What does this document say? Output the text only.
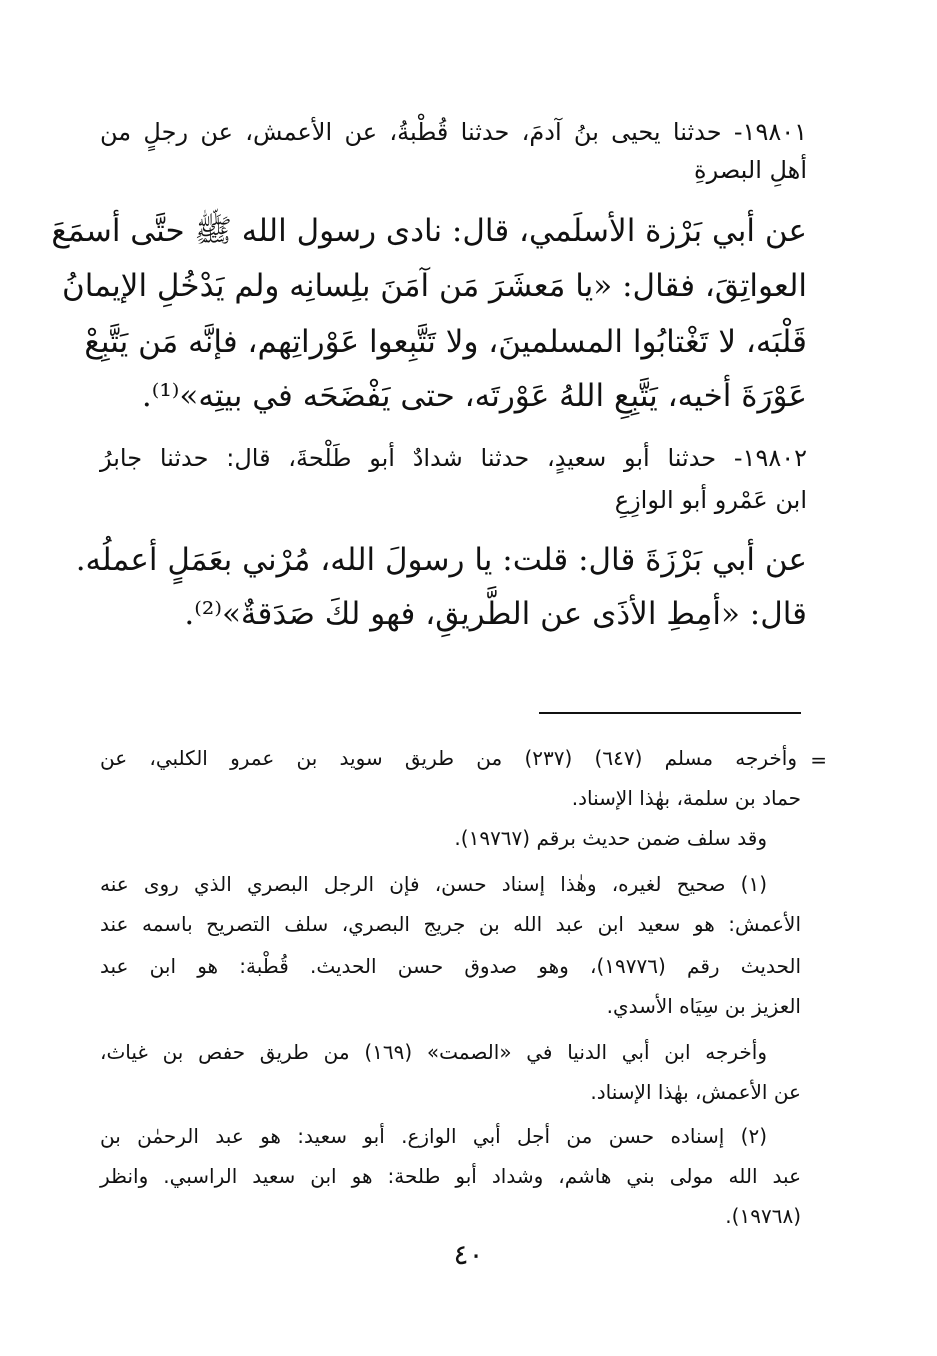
١٩٨٠١- حدثنا يحيى بنُ آدمَ، حدثنا قُطْبةُ، عن الأعمش، عن رجلٍ من
أهلِ البصرةِ
عن أبي بَرْزة الأسلَمي، قال: نادى رسول الله ﷺ حتَّى أسمَعَ
العواتِقَ، فقال: «يا مَعشَرَ مَن آمَنَ بلِسانِه ولم يَدْخُلِ الإيمانُ
قَلْبَه، لا تَغْتابُوا المسلمينَ، ولا تَتَّبِعوا عَوْراتِهم، فإنَّه مَن يَتَّبِعْ
عَوْرَةَ أخيه، يَتَّبِعِ اللهُ عَوْرتَه، حتى يَفْضَحَه في بيتِه»⁽¹⁾.
١٩٨٠٢- حدثنا أبو سعيدٍ، حدثنا شدادٌ أبو طَلْحةَ، قال: حدثنا جابرُ
ابن عَمْرو أبو الوازِعِ
عن أبي بَرْزَةَ قال: قلت: يا رسولَ الله، مُرْني بعَمَلٍ أعملُه.
قال: «أمِطِ الأذَى عن الطَّريقِ، فهو لكَ صَدَقةٌ»⁽²⁾.
=
وأخرجه مسلم (٦٤٧) (٢٣٧) من طريق سويد بن عمرو الكلبي، عن
حماد بن سلمة، بهٰذا الإسناد.
وقد سلف ضمن حديث برقم (١٩٧٦٧).
(١) صحيح لغيره، وهٰذا إسناد حسن، فإن الرجل البصري الذي روى عنه
الأعمش: هو سعيد ابن عبد الله بن جريج البصري، سلف التصريح باسمه عند
الحديث رقم (١٩٧٧٦)، وهو صدوق حسن الحديث. قُطْبة: هو ابن عبد
العزيز بن سِيَاه الأسدي.
وأخرجه ابن أبي الدنيا في «الصمت» (١٦٩) من طريق حفص بن غياث،
عن الأعمش، بهٰذا الإسناد.
(٢) إسناده حسن من أجل أبي الوازع. أبو سعيد: هو عبد الرحمٰن بن
عبد الله مولى بني هاشم، وشداد أبو طلحة: هو ابن سعيد الراسبي. وانظر
(١٩٧٦٨).
٤٠
